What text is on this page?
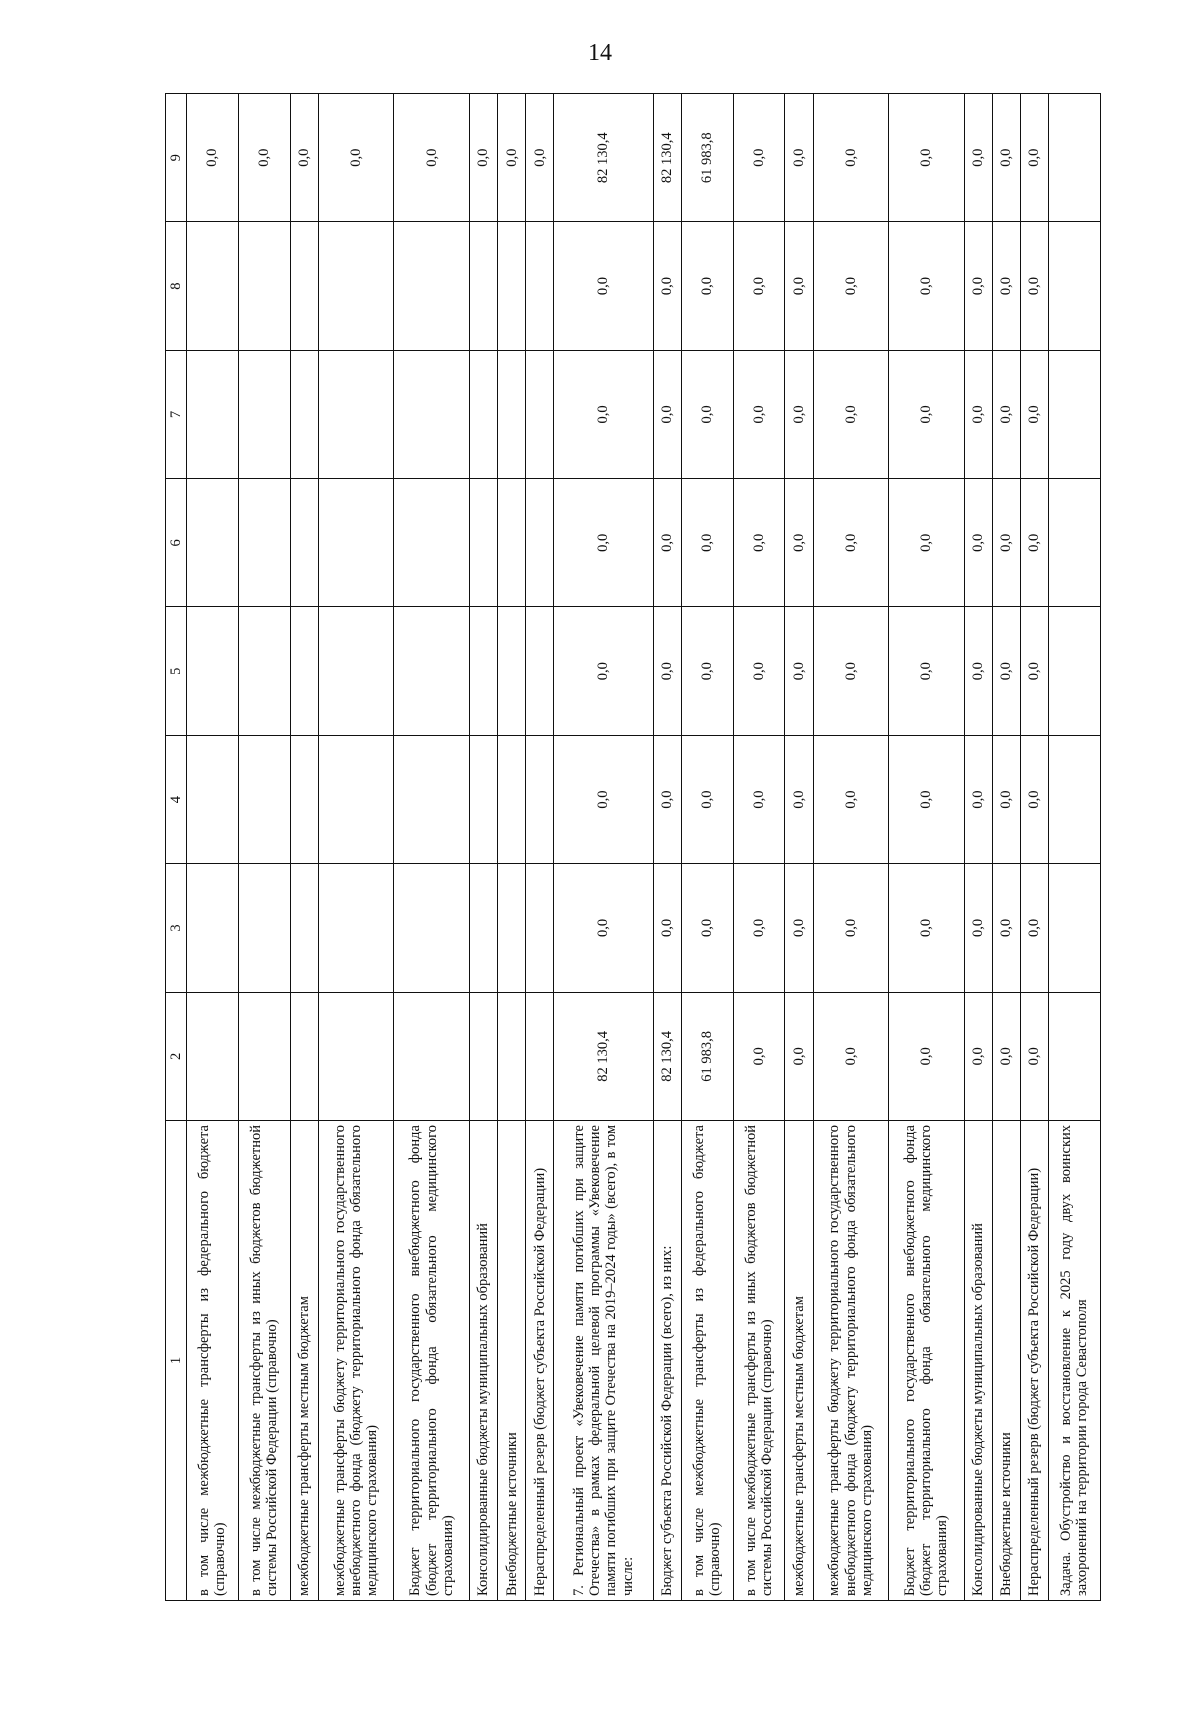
14
1	2	3	4	5	6	7	8	9
в том числе межбюджетные трансферты из федерального бюджета (справочно)								0,0
в том числе межбюджетные трансферты из иных бюджетов бюджетной системы Российской Федерации (справочно)								0,0
межбюджетные трансферты местным бюджетам								0,0
межбюджетные трансферты бюджету территориального государственного внебюджетного фонда (бюджету территориального фонда обязательного медицинского страхования)								0,0
Бюджет территориального государственного внебюджетного фонда (бюджет территориального фонда обязательного медицинского страхования)								0,0
Консолидированные бюджеты муниципальных образований								0,0
Внебюджетные источники								0,0
Нераспределенный резерв (бюджет субъекта Российской Федерации)								0,0
7. Региональный проект «Увековечение памяти погибших при защите Отечества» в рамках федеральной целевой программы «Увековечение памяти погибших при защите Отечества на 2019–2024 годы» (всего), в том числе:	82 130,4	0,0	0,0	0,0	0,0	0,0	0,0	82 130,4
Бюджет субъекта Российской Федерации (всего), из них:	82 130,4	0,0	0,0	0,0	0,0	0,0	0,0	82 130,4
в том числе межбюджетные трансферты из федерального бюджета (справочно)	61 983,8	0,0	0,0	0,0	0,0	0,0	0,0	61 983,8
в том числе межбюджетные трансферты из иных бюджетов бюджетной системы Российской Федерации (справочно)	0,0	0,0	0,0	0,0	0,0	0,0	0,0	0,0
межбюджетные трансферты местным бюджетам	0,0	0,0	0,0	0,0	0,0	0,0	0,0	0,0
межбюджетные трансферты бюджету территориального государственного внебюджетного фонда (бюджету территориального фонда обязательного медицинского страхования)	0,0	0,0	0,0	0,0	0,0	0,0	0,0	0,0
Бюджет территориального государственного внебюджетного фонда (бюджет территориального фонда обязательного медицинского страхования)	0,0	0,0	0,0	0,0	0,0	0,0	0,0	0,0
Консолидированные бюджеты муниципальных образований	0,0	0,0	0,0	0,0	0,0	0,0	0,0	0,0
Внебюджетные источники	0,0	0,0	0,0	0,0	0,0	0,0	0,0	0,0
Нераспределенный резерв (бюджет субъекта Российской Федерации)	0,0	0,0	0,0	0,0	0,0	0,0	0,0	0,0
Задача. Обустройство и восстановление к 2025 году двух воинских захоронений на территории города Севастополя								
